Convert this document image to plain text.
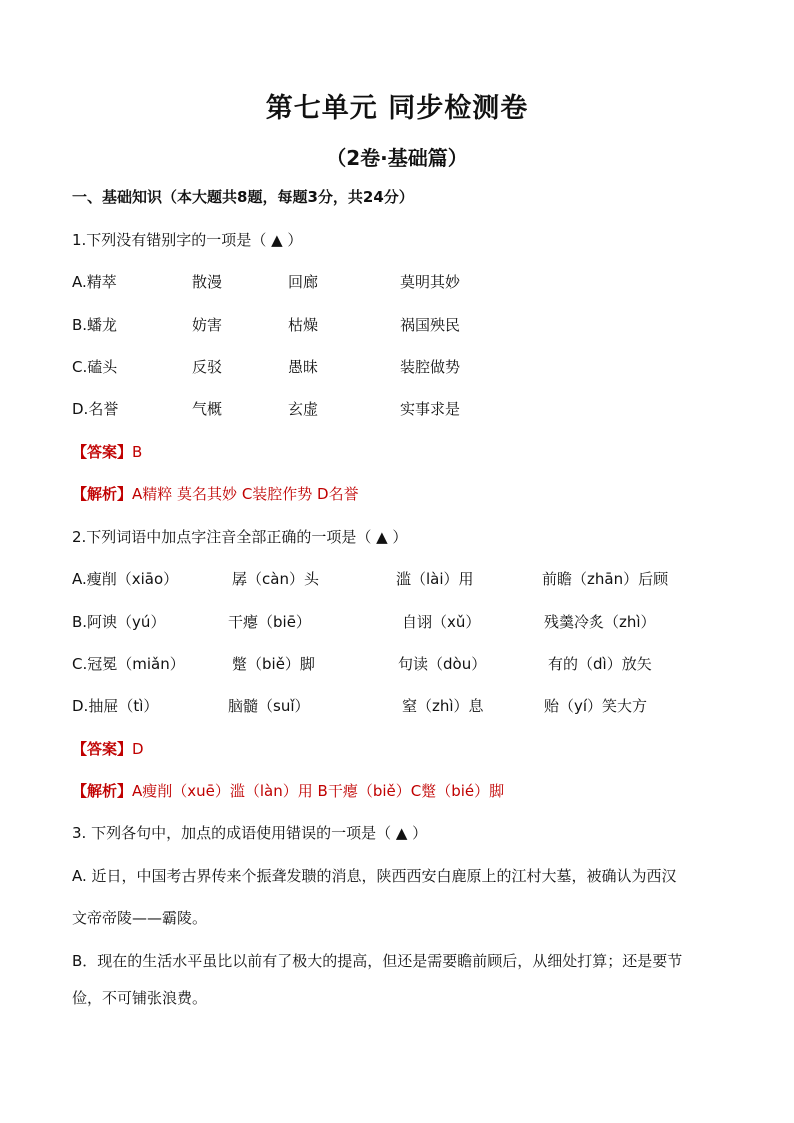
第七单元 同步检测卷
（2卷·基础篇）
一、基础知识（本大题共8题，每题3分，共24分）
1.下列没有错别字的一项是（ ▲ ）
A.精萃	散漫	回廊	莫明其妙
B.蟠龙	妨害	枯燥	祸国殃民
C.磕头	反驳	愚昧	装腔做势
D.名誉	气概	玄虚	实事求是
【答案】B
【解析】A精粹 莫名其妙 C装腔作势 D名誉
2.下列词语中加点字注音全部正确的一项是（ ▲ ）
A.瘦削（xiāo）	孱（càn）头	滥（lài）用	前瞻（zhān）后顾
B.阿谀（yú）	干瘪（biē）	自诩（xǔ）	残羹冷炙（zhì）
C.冠冕（miǎn）	蹩（biě）脚	句读（dòu）	有的（dì）放矢
D.抽屉（tì）	脑髓（suǐ）	窒（zhì）息	贻（yí）笑大方
【答案】D
【解析】A瘦削（xuē）滥（làn）用 B干瘪（biě）C蹩（bié）脚
3. 下列各句中，加点的成语使用错误的一项是（ ▲ ）
A. 近日，中国考古界传来个振聋发聩的消息，陕西西安白鹿原上的江村大墓，被确认为西汉
文帝帝陵——霸陵。
B．现在的生活水平虽比以前有了极大的提高，但还是需要瞻前顾后，从细处打算；还是要节
俭，不可铺张浪费。
